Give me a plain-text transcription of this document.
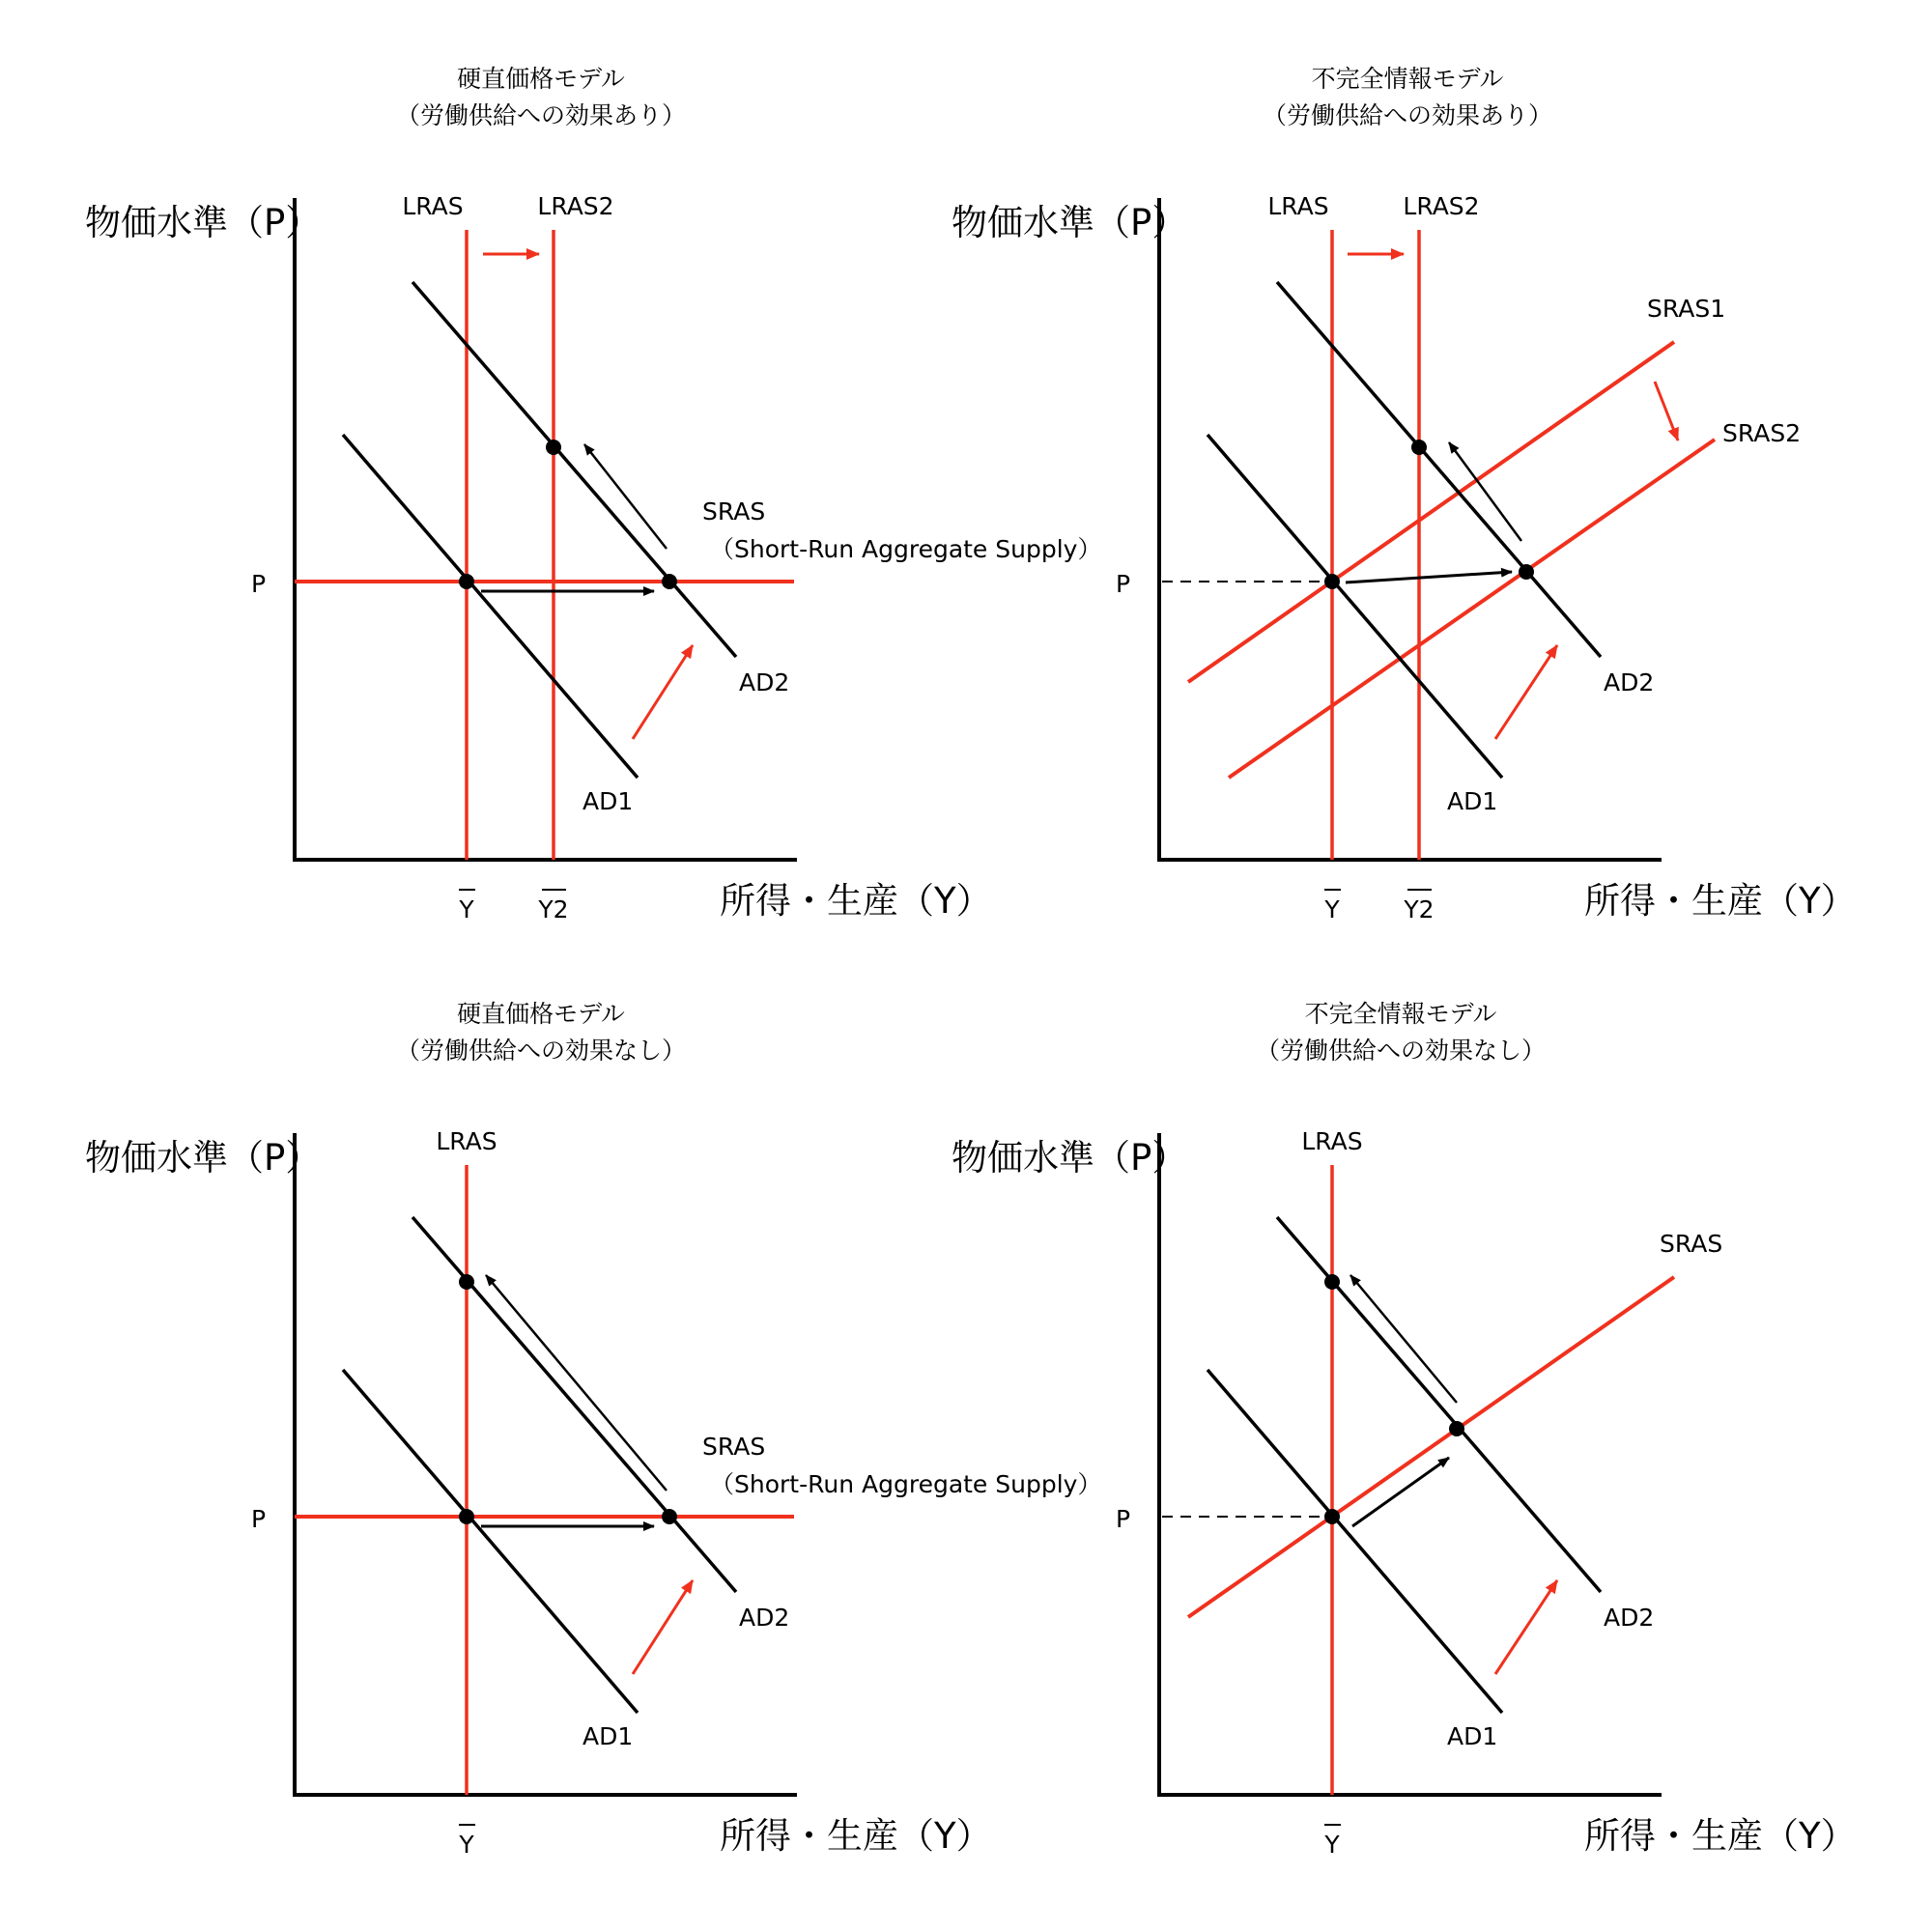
硬直価格モデル
（労働供給への効果あり）
物価水準（P）
所得・生産（Y）
LRAS	LRAS2
SRAS
（Short-Run Aggregate Supply）
AD2
AD1
P
Y	Y2
不完全情報モデル
（労働供給への効果あり）
物価水準（P）
所得・生産（Y）
LRAS	LRAS2
SRAS1
SRAS2
AD2
AD1
P
Y	Y2
硬直価格モデル
（労働供給への効果なし）
物価水準（P）
所得・生産（Y）
LRAS
SRAS
（Short-Run Aggregate Supply）
AD2
AD1
P
Y
不完全情報モデル
（労働供給への効果なし）
物価水準（P）
所得・生産（Y）
LRAS
SRAS
AD2
AD1
P
Y
